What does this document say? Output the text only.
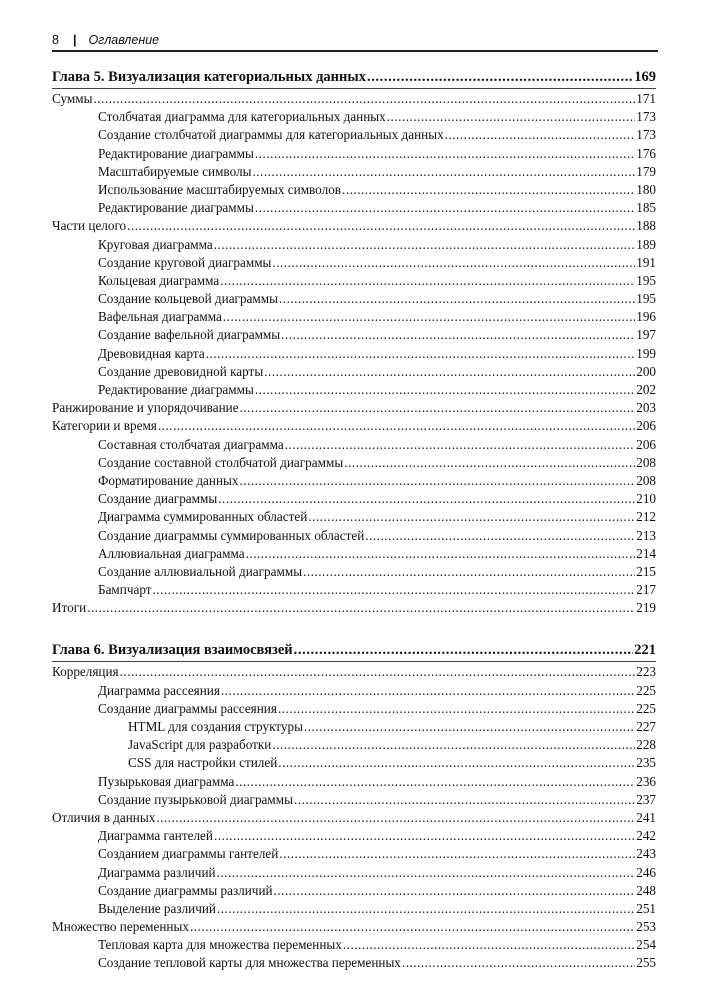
8 | Оглавление
Глава 5. Визуализация категориальных данных .....	169
Суммы .....	171
Столбчатая диаграмма для категориальных данных .....	173
Создание столбчатой диаграммы для категориальных данных .....	173
Редактирование диаграммы .....	176
Масштабируемые символы .....	179
Использование масштабируемых символов .....	180
Редактирование диаграммы .....	185
Части целого .....	188
Круговая диаграмма .....	189
Создание круговой диаграммы .....	191
Кольцевая диаграмма .....	195
Создание кольцевой диаграммы .....	195
Вафельная диаграмма .....	196
Создание вафельной диаграммы .....	197
Древовидная карта .....	199
Создание древовидной карты .....	200
Редактирование диаграммы .....	202
Ранжирование и упорядочивание .....	203
Категории и время .....	206
Составная столбчатая диаграмма .....	206
Создание составной столбчатой диаграммы .....	208
Форматирование данных .....	208
Создание диаграммы .....	210
Диаграмма суммированных областей .....	212
Создание диаграммы суммированных областей .....	213
Аллювиальная диаграмма .....	214
Создание аллювиальной диаграммы .....	215
Бампчарт .....	217
Итоги .....	219
Глава 6. Визуализация взаимосвязей .....	221
Корреляция .....	223
Диаграмма рассеяния .....	225
Создание диаграммы рассеяния .....	225
HTML для создания структуры .....	227
JavaScript для разработки .....	228
CSS для настройки стилей .....	235
Пузырьковая диаграмма .....	236
Создание пузырьковой диаграммы .....	237
Отличия в данных .....	241
Диаграмма гантелей .....	242
Созданием диаграммы гантелей .....	243
Диаграмма различий .....	246
Создание диаграммы различий .....	248
Выделение различий .....	251
Множество переменных .....	253
Тепловая карта для множества переменных .....	254
Создание тепловой карты для множества переменных .....	255
